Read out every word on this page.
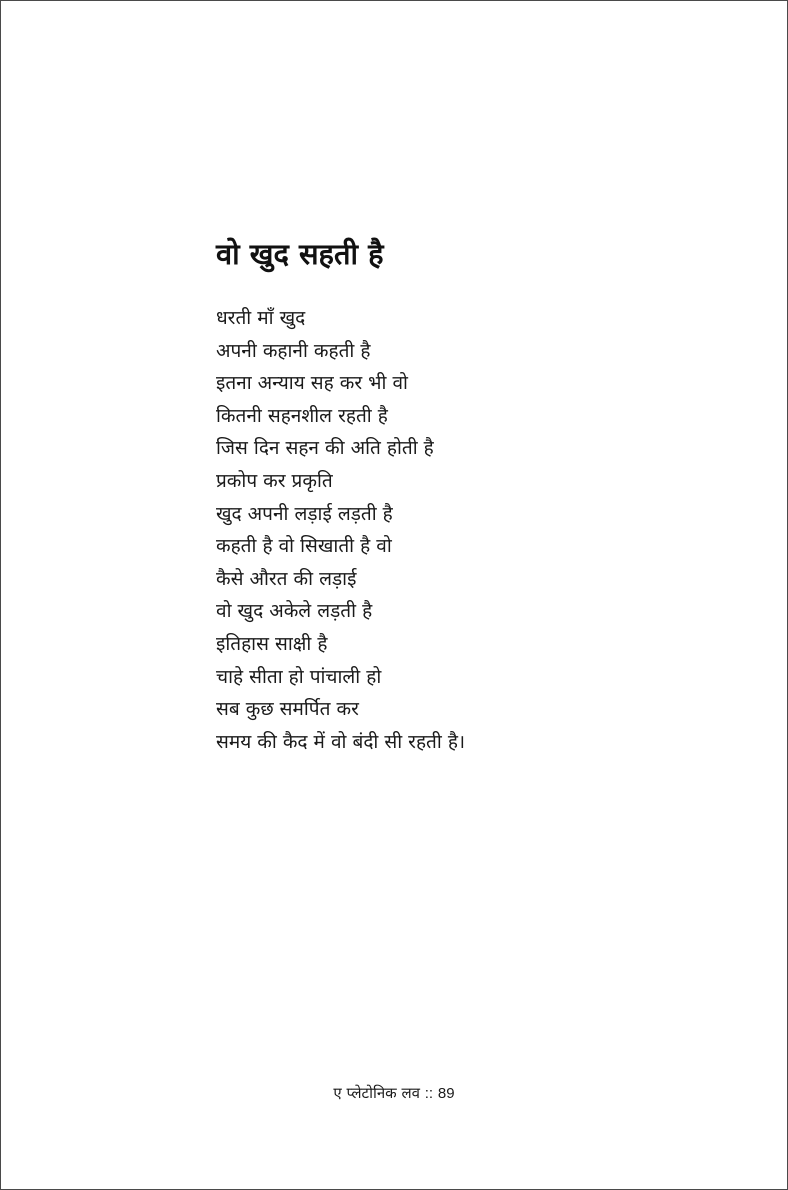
वो खुद सहती है
धरती माँ खुद
अपनी कहानी कहती है
इतना अन्याय सह कर भी वो
कितनी सहनशील रहती है
जिस दिन सहन की अति होती है
प्रकोप कर प्रकृति
खुद अपनी लड़ाई लड़ती है
कहती है वो सिखाती है वो
कैसे औरत की लड़ाई
वो खुद अकेले लड़ती है
इतिहास साक्षी है
चाहे सीता हो पांचाली हो
सब कुछ समर्पित कर
समय की कैद में वो बंदी सी रहती है।
ए प्लेटोनिक लव :: 89
